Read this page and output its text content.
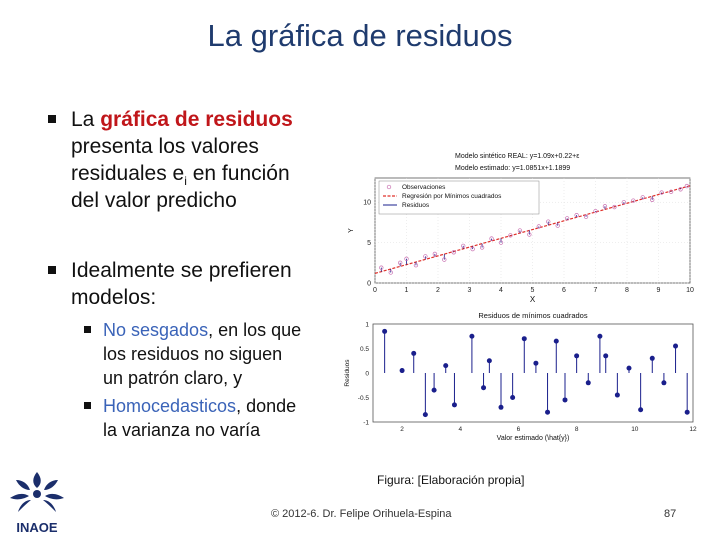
La gráfica de residuos
La gráfica de residuos
presenta los valores
residuales $e_i$ en función
del valor predicho
Idealmente se prefieren
modelos:
No sesgados, en los que
los residuos no siguen
un patrón claro, y
Homocedasticos, donde
la varianza no varía
Modelo sintético REAL: y=1.09x+0.22+ε
Modelo estimado: y=1.0851x+1.1899
0	1	2	3	4	5	6	7	8	9	10
0
5
10
X
Y
Observaciones
Regresión por Mínimos cuadrados
Residuos
Residuos de mínimos cuadrados
1
0.5
0
-0.5
-1
2	4	6	8	10	12
Valor estimado (\hat{y})
Residuos
Figura: [Elaboración propia]
© 2012-6. Dr. Felipe Orihuela-Espina	87
INAOE
